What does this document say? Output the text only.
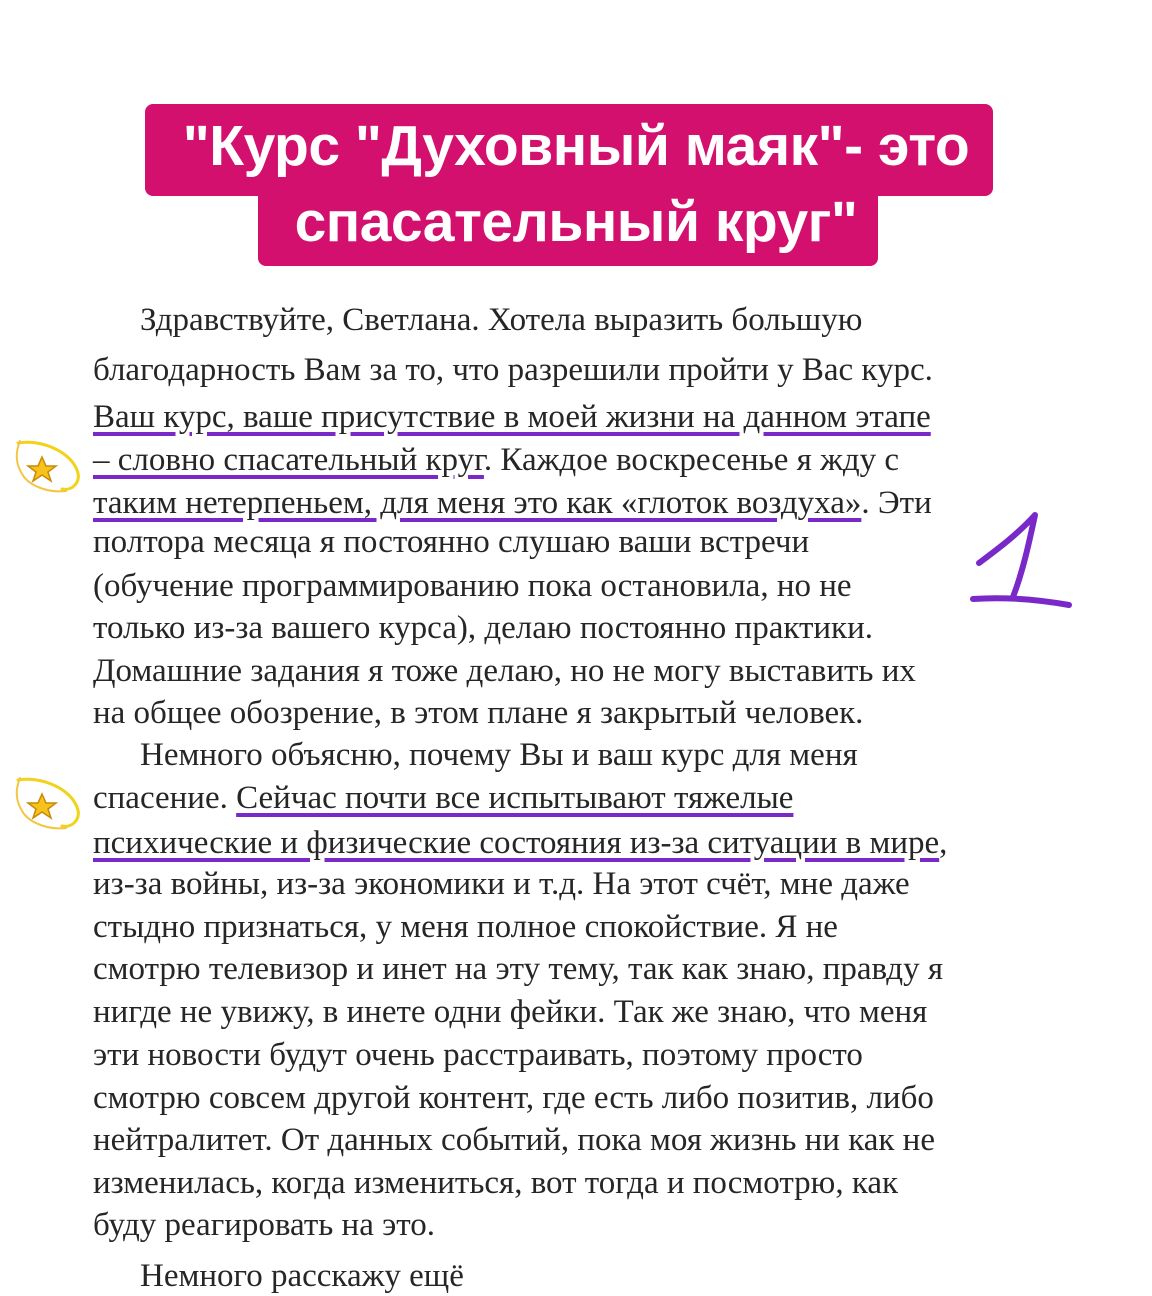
"Курс "Духовный маяк"- это
спасательный круг"
Здравствуйте, Светлана. Хотела выразить большую
благодарность Вам за то, что разрешили пройти у Вас курс.
Ваш курс, ваше присутствие в моей жизни на данном этапе
– словно спасательный круг. Каждое воскресенье я жду с
таким нетерпеньем, для меня это как «глоток воздуха». Эти
полтора месяца я постоянно слушаю ваши встречи
(обучение программированию пока остановила, но не
только из-за вашего курса), делаю постоянно практики.
Домашние задания я тоже делаю, но не могу выставить их
на общее обозрение, в этом плане я закрытый человек.
Немного объясню, почему Вы и ваш курс для меня
спасение. Сейчас почти все испытывают тяжелые
психические и физические состояния из-за ситуации в мире,
из-за войны, из-за экономики и т.д. На этот счёт, мне даже
стыдно признаться, у меня полное спокойствие. Я не
смотрю телевизор и инет на эту тему, так как знаю, правду я
нигде не увижу, в инете одни фейки. Так же знаю, что меня
эти новости будут очень расстраивать, поэтому просто
смотрю совсем другой контент, где есть либо позитив, либо
нейтралитет. От данных событий, пока моя жизнь ни как не
изменилась, когда измениться, вот тогда и посмотрю, как
буду реагировать на это.
Немного расскажу ещё
1
